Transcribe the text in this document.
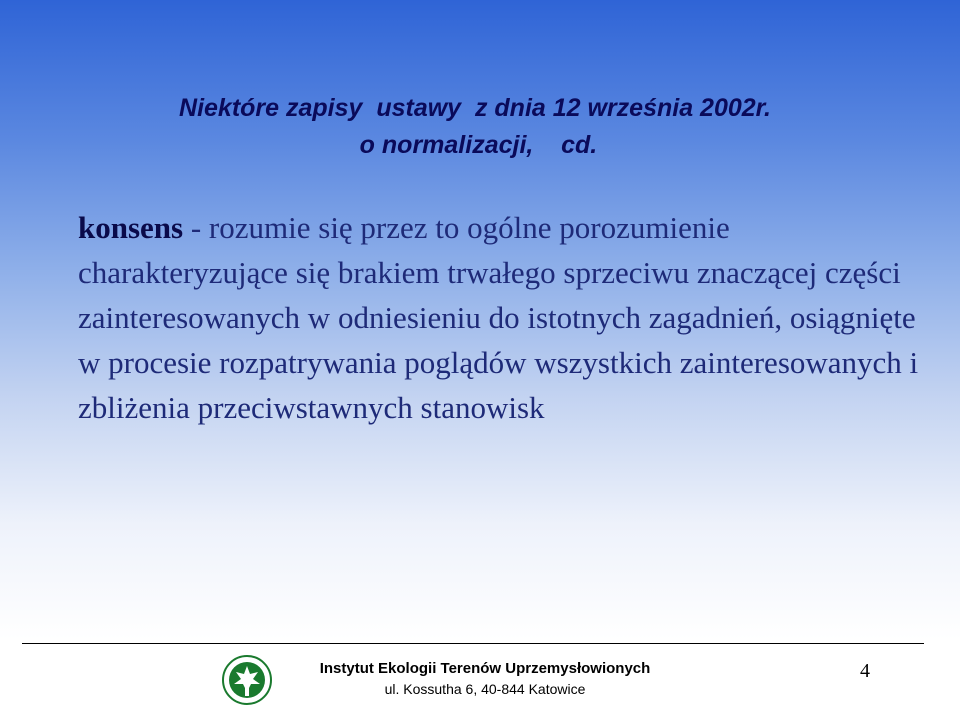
Niektóre zapisy  ustawy  z dnia 12 września 2002r.
o normalizacji,    cd.
konsens - rozumie się przez to ogólne porozumienie charakteryzujące się brakiem trwałego sprzeciwu znaczącej części zainteresowanych w odniesieniu do istotnych zagadnień, osiągnięte w procesie rozpatrywania poglądów wszystkich zainteresowanych i zbliżenia przeciwstawnych stanowisk
Instytut Ekologii Terenów Uprzemysłowionych
ul. Kossutha 6, 40-844 Katowice
4
